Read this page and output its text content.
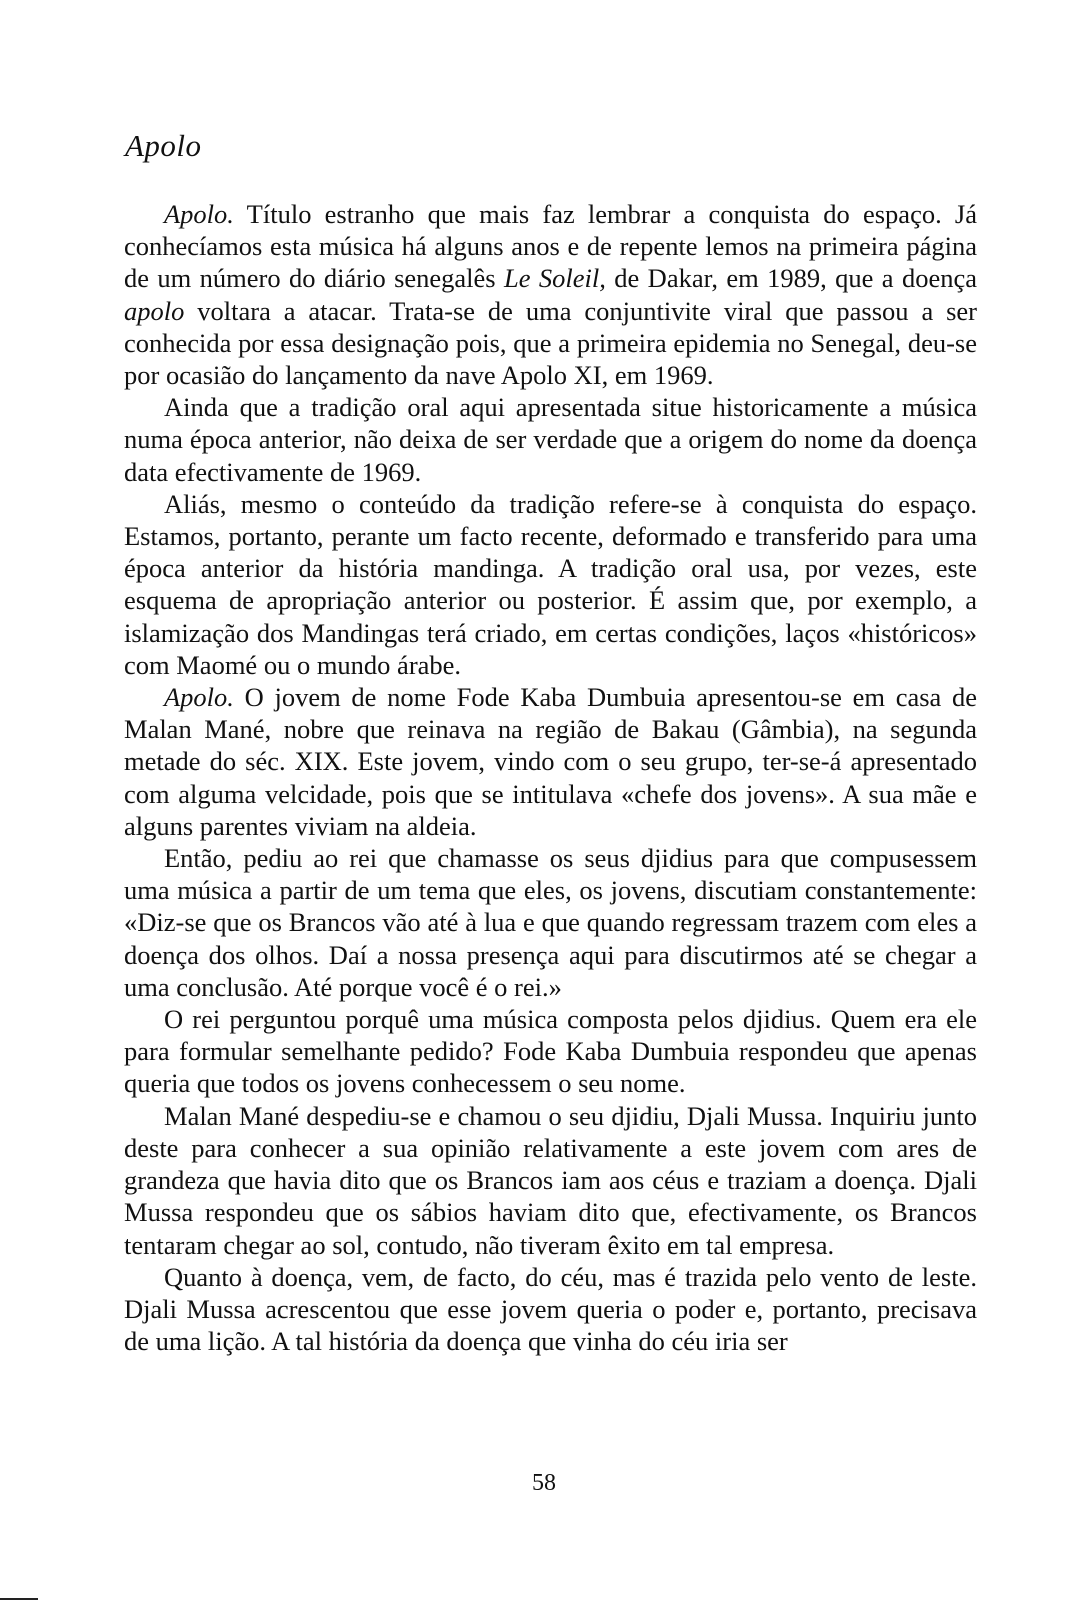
Apolo

Apolo. Título estranho que mais faz lembrar a conquista do espaço. Já conhecíamos esta música há alguns anos e de repente lemos na primeira página de um número do diário senegalês Le Soleil, de Dakar, em 1989, que a doença apolo voltara a atacar. Trata-se de uma conjuntivite viral que passou a ser conhecida por essa designação pois, que a primeira epidemia no Senegal, deu-se por ocasião do lançamento da nave Apolo XI, em 1969.

Ainda que a tradição oral aqui apresentada situe historicamente a música numa época anterior, não deixa de ser verdade que a origem do nome da doença data efectivamente de 1969.

Aliás, mesmo o conteúdo da tradição refere-se à conquista do espaço. Estamos, portanto, perante um facto recente, deformado e transferido para uma época anterior da história mandinga. A tradição oral usa, por vezes, este esquema de apropriação anterior ou posterior. É assim que, por exemplo, a islamização dos Mandingas terá criado, em certas condições, laços «históricos» com Maomé ou o mundo árabe.

Apolo. O jovem de nome Fode Kaba Dumbuia apresentou-se em casa de Malan Mané, nobre que reinava na região de Bakau (Gâmbia), na segunda metade do séc. XIX. Este jovem, vindo com o seu grupo, ter-se-á apresentado com alguma velcidade, pois que se intitulava «chefe dos jovens». A sua mãe e alguns parentes viviam na aldeia.

Então, pediu ao rei que chamasse os seus djidius para que compusessem uma música a partir de um tema que eles, os jovens, discutiam constantemente: «Diz-se que os Brancos vão até à lua e que quando regressam trazem com eles a doença dos olhos. Daí a nossa presença aqui para discutirmos até se chegar a uma conclusão. Até porque você é o rei.»

O rei perguntou porquê uma música composta pelos djidius. Quem era ele para formular semelhante pedido? Fode Kaba Dumbuia respondeu que apenas queria que todos os jovens conhecessem o seu nome.

Malan Mané despediu-se e chamou o seu djidiu, Djali Mussa. Inquiriu junto deste para conhecer a sua opinião relativamente a este jovem com ares de grandeza que havia dito que os Brancos iam aos céus e traziam a doença. Djali Mussa respondeu que os sábios haviam dito que, efectivamente, os Brancos tentaram chegar ao sol, contudo, não tiveram êxito em tal empresa.

Quanto à doença, vem, de facto, do céu, mas é trazida pelo vento de leste. Djali Mussa acrescentou que esse jovem queria o poder e, portanto, precisava de uma lição. A tal história da doença que vinha do céu iria ser

58
